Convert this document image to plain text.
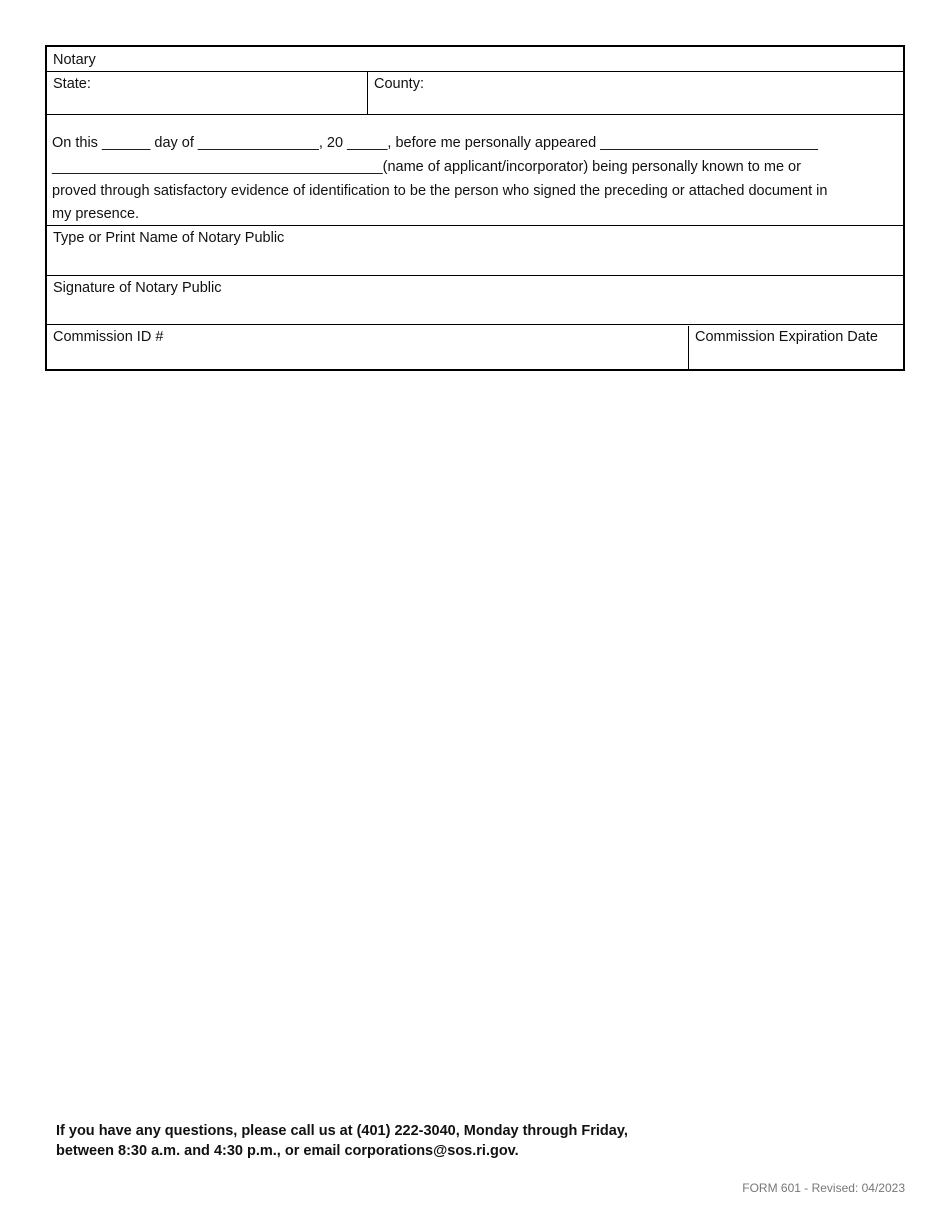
Notary
State:	County:
On this ______ day of _______________, 20 _____, before me personally appeared ___________________________
_________________________________________(name of applicant/incorporator) being personally known to me or
proved through satisfactory evidence of identification to be the person who signed the preceding or attached document in
my presence.
Type or Print Name of Notary Public
Signature of Notary Public
Commission ID #	Commission Expiration Date
If you have any questions, please call us at (401) 222-3040, Monday through Friday,
between 8:30 a.m. and 4:30 p.m., or email corporations@sos.ri.gov.
FORM 601 - Revised: 04/2023
